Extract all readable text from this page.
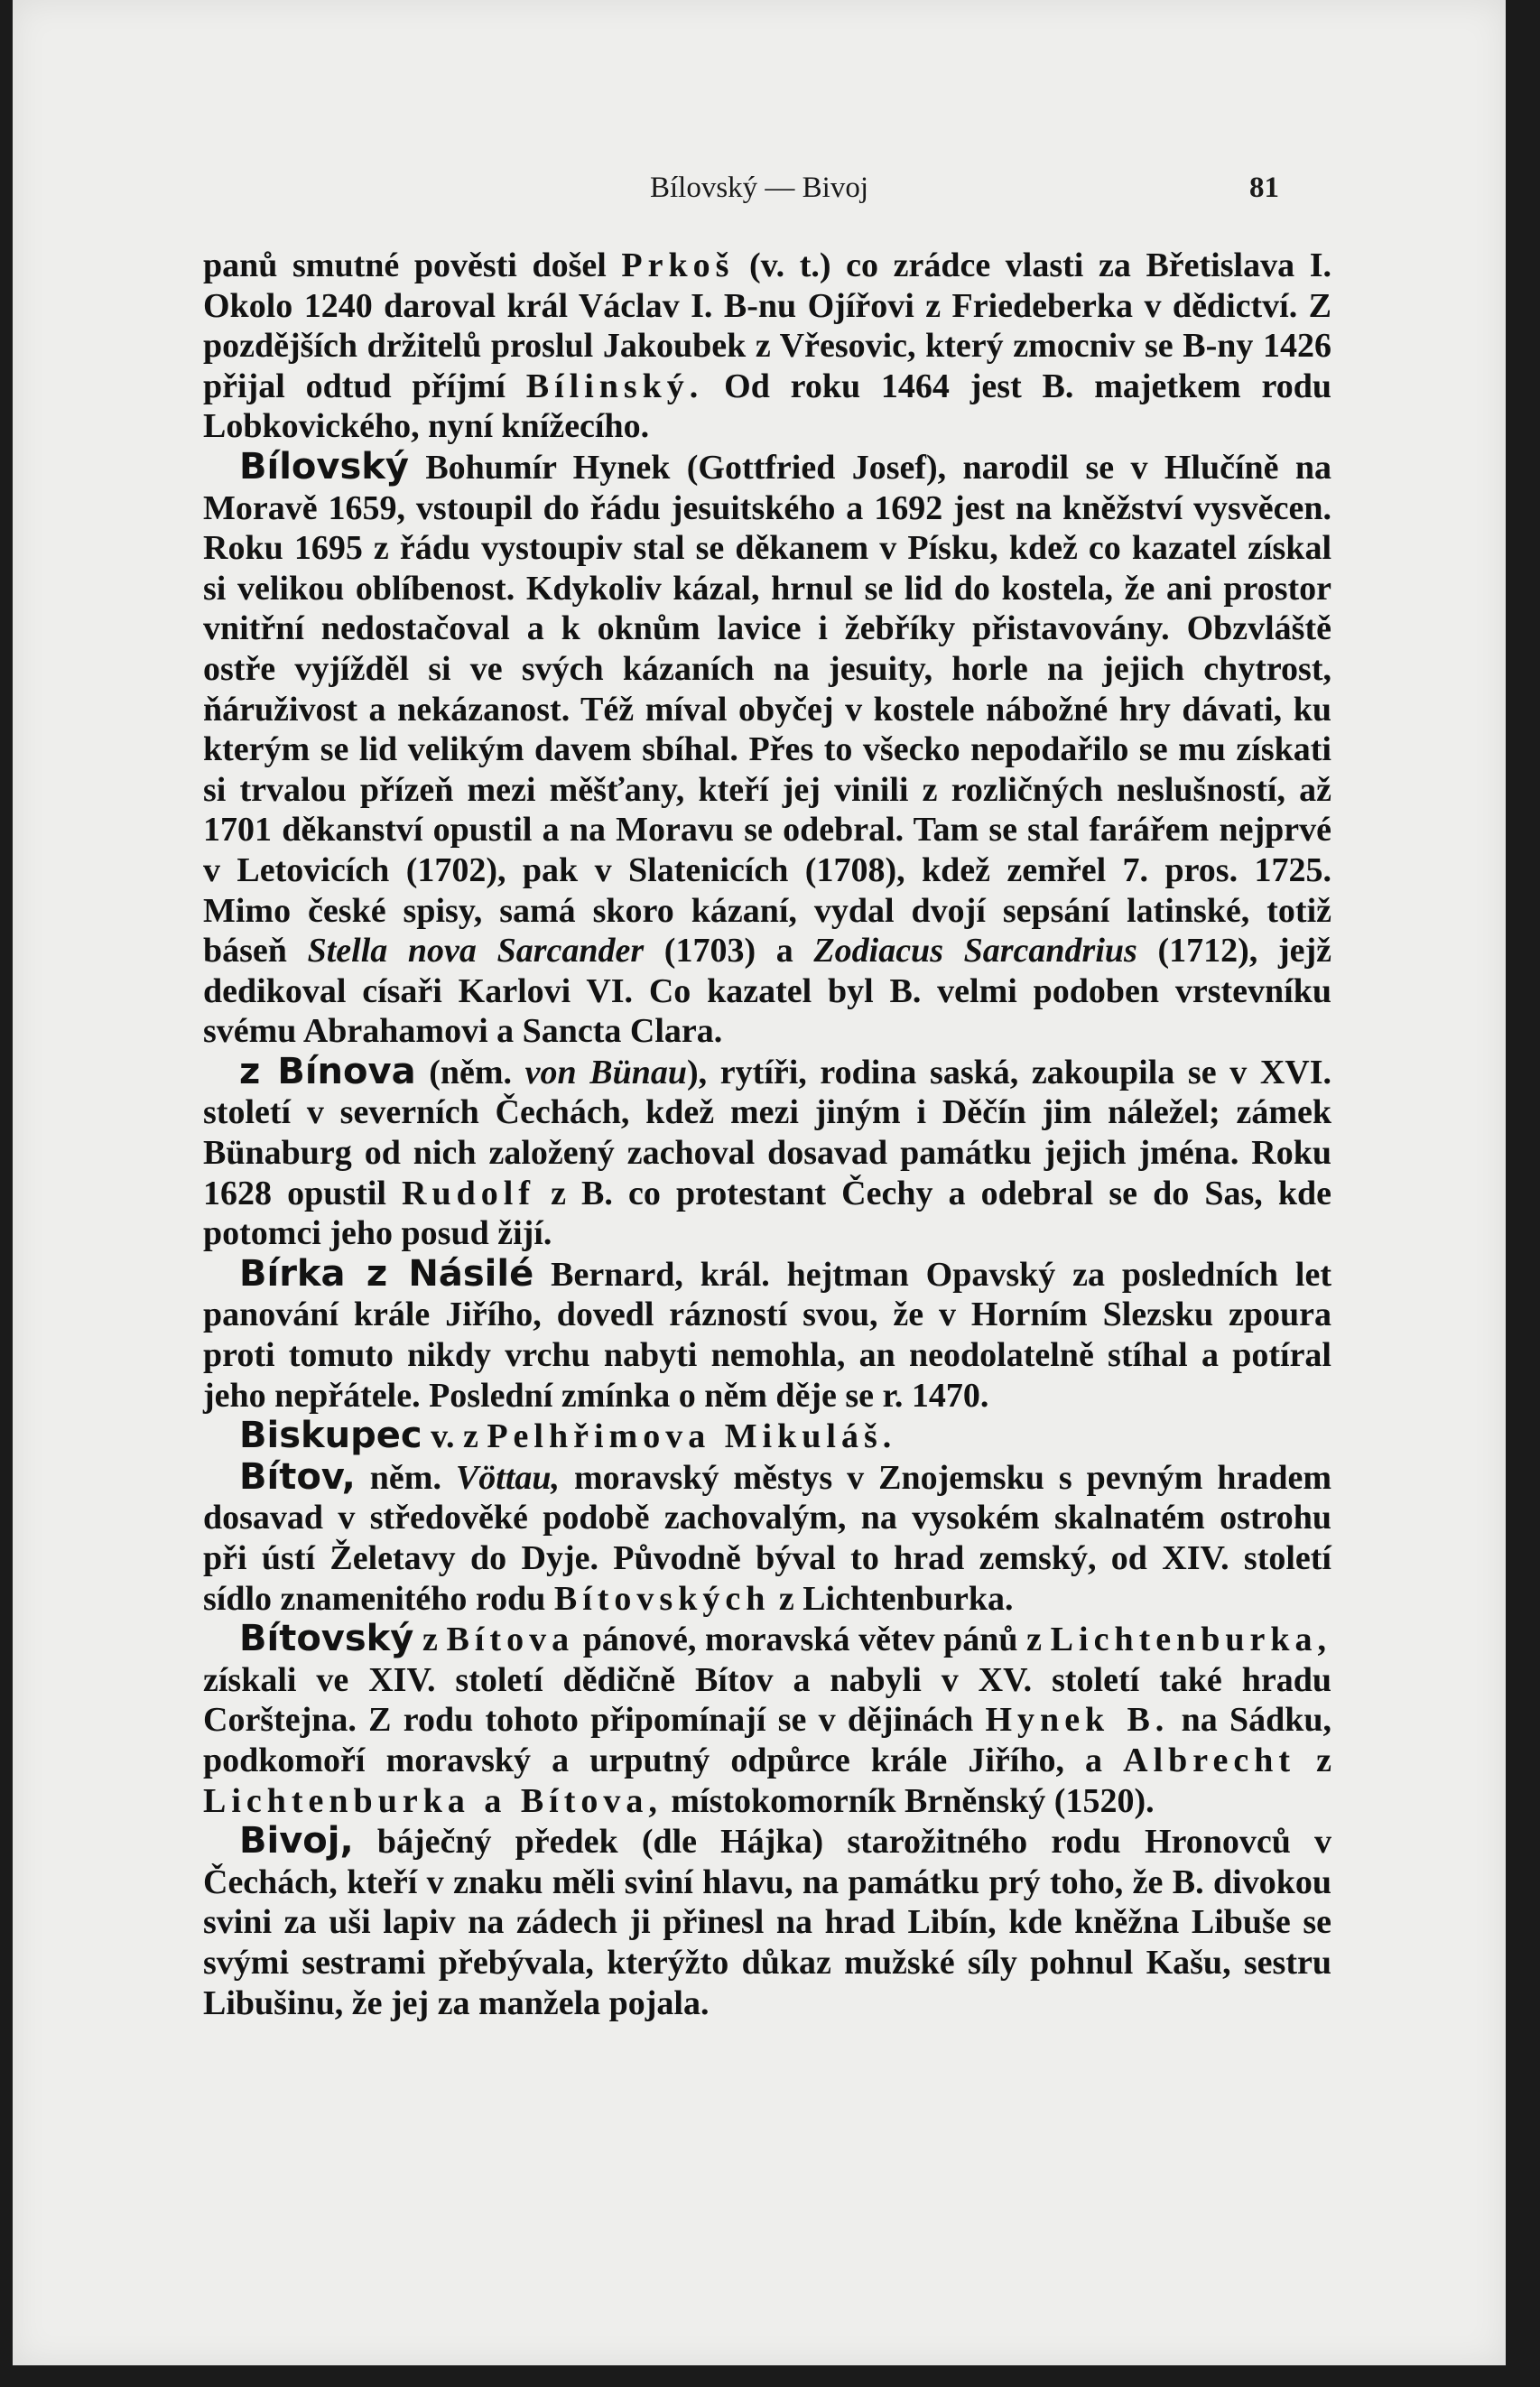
Bílovský — Bivoj	81

panů smutné pověsti došel Prkoš (v. t.) co zrádce vlasti za Břetislava I. Okolo 1240 daroval král Václav I. B-nu Ojířovi z Friedeberka v dědictví. Z pozdějších držitelů proslul Jakoubek z Vřesovic, který zmocniv se B-ny 1426 přijal odtud příjmí Bílinský. Od roku 1464 jest B. majetkem rodu Lobkovického, nyní knížecího.

Bílovský Bohumír Hynek (Gottfried Josef), narodil se v Hlučíně na Moravě 1659, vstoupil do řádu jesuitského a 1692 jest na kněžství vysvěcen. Roku 1695 z řádu vystoupiv stal se děkanem v Písku, kdež co kazatel získal si velikou oblíbenost. Kdykoliv kázal, hrnul se lid do kostela, že ani prostor vnitřní nedostačoval a k oknům lavice i žebříky přistavovány. Obzvláště ostře vyjížděl si ve svých kázaních na jesuity, horle na jejich chytrost, ňáruživost a nekázanost. Též míval obyčej v kostele nábožné hry dávati, ku kterým se lid velikým davem sbíhal. Přes to všecko nepodařilo se mu získati si trvalou přízeň mezi měšťany, kteří jej vinili z rozličných neslušností, až 1701 děkanství opustil a na Moravu se odebral. Tam se stal farářem nejprvé v Letovicích (1702), pak v Slatenicích (1708), kdež zemřel 7. pros. 1725. Mimo české spisy, samá skoro kázaní, vydal dvojí sepsání latinské, totiž báseň Stella nova Sarcander (1703) a Zodiacus Sarcandrius (1712), jejž dedikoval císaři Karlovi VI. Co kazatel byl B. velmi podoben vrstevníku svému Abrahamovi a Sancta Clara.

z Bínova (něm. von Bünau), rytíři, rodina saská, zakoupila se v XVI. století v severních Čechách, kdež mezi jiným i Děčín jim náležel; zámek Bünaburg od nich založený zachoval dosavad památku jejich jména. Roku 1628 opustil Rudolf z B. co protestant Čechy a odebral se do Sas, kde potomci jeho posud žijí.

Bírka z Násilé Bernard, král. hejtman Opavský za posledních let panování krále Jiřího, dovedl rázností svou, že v Horním Slezsku zpoura proti tomuto nikdy vrchu nabyti nemohla, an neodolatelně stíhal a potíral jeho nepřátele. Poslední zmínka o něm děje se r. 1470.

Biskupec v. z Pelhřimova Mikuláš.

Bítov, něm. Vöttau, moravský městys v Znojemsku s pevným hradem dosavad v středověké podobě zachovalým, na vysokém skalnatém ostrohu při ústí Želetavy do Dyje. Původně býval to hrad zemský, od XIV. století sídlo znamenitého rodu Bítovských z Lichtenburka.

Bítovský z Bítova pánové, moravská větev pánů z Lichtenburka, získali ve XIV. století dědičně Bítov a nabyli v XV. století také hradu Corštejna. Z rodu tohoto připomínají se v dějinách Hynek B. na Sádku, podkomoří moravský a urputný odpůrce krále Jiřího, a Albrecht z Lichtenburka a Bítova, místokomorník Brněnský (1520).

Bivoj, báječný předek (dle Hájka) starožitného rodu Hronovců v Čechách, kteří v znaku měli sviní hlavu, na památku prý toho, že B. divokou svini za uši lapiv na zádech ji přinesl na hrad Libín, kde kněžna Libuše se svými sestrami přebývala, kterýžto důkaz mužské síly pohnul Kašu, sestru Libušinu, že jej za manžela pojala.
